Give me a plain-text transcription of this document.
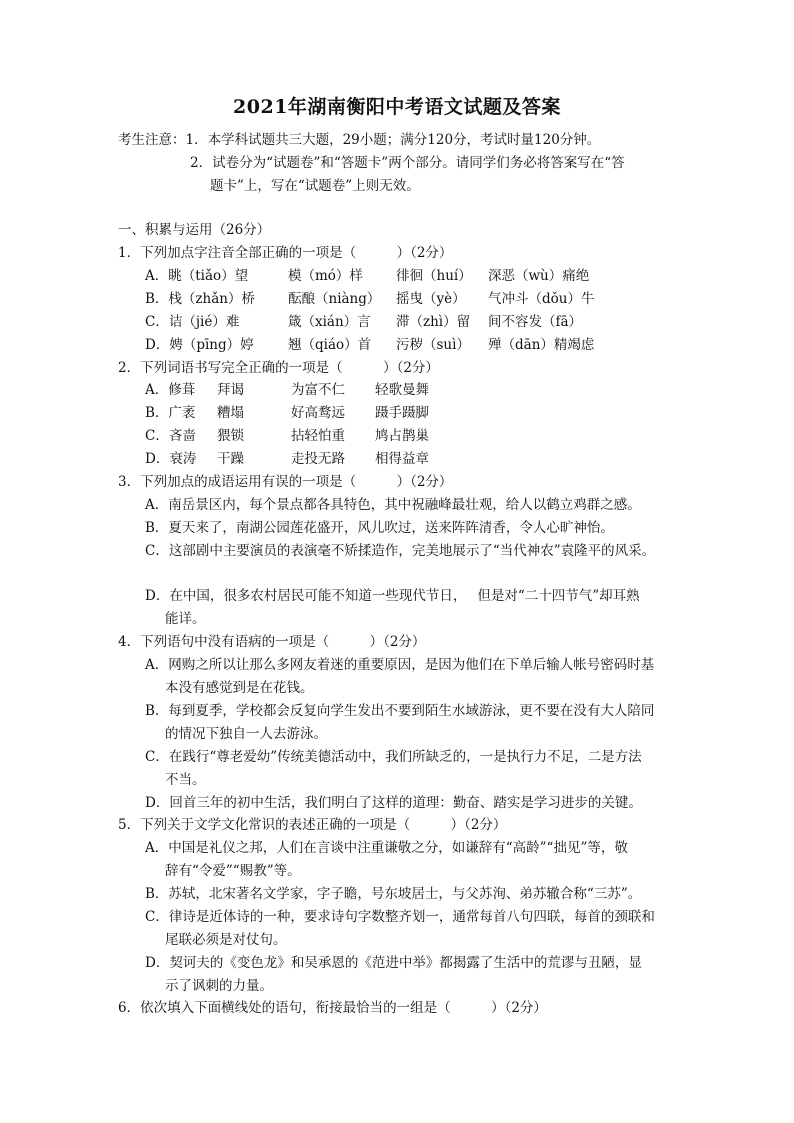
2021年湖南衡阳中考语文试题及答案
考生注意：1．本学科试题共三大题，29小题；满分120分，考试时量120分钟。
2．试卷分为“试题卷”和“答题卡”两个部分。请同学们务必将答案写在“答
题卡”上，写在“试题卷”上则无效。
一、积累与运用（26分）
1．下列加点字注音全部正确的一项是（　　　）（2分）
A．眺（tiǎo）望	模（mó）样	徘徊（huí）	深恶（wù）痛绝
B．栈（zhǎn）桥	酝酿（niàng）	摇曳（yè）	气冲斗（dǒu）牛
C．诘（jié）难	箴（xián）言	滞（zhì）留	间不容发（fā）
D．娉（pīng）婷	翘（qiáo）首	污秽（suì）	殚（dān）精竭虑
2．下列词语书写完全正确的一项是（　　　）（2分）
A．修葺	拜谒	为富不仁	轻歌曼舞
B．广袤	糟塌	好高鹜远	蹑手蹑脚
C．吝啬	猥锁	拈轻怕重	鸠占鹊巢
D．衰涛	干躁	走投无路	相得益章
3．下列加点的成语运用有误的一项是（　　　）（2分）
A．南岳景区内，每个景点都各具特色，其中祝融峰最壮观，给人以鹤立鸡群之感。
B．夏天来了，南湖公园莲花盛开，风儿吹过，送来阵阵清香，令人心旷神怡。
C．这部剧中主要演员的表演毫不矫揉造作，完美地展示了“当代神农”袁隆平的风采。
D．在中国，很多农村居民可能不知道一些现代节日，　 但是对“二十四节气”却耳熟
能详。
4．下列语句中没有语病的一项是（　　　）（2分）
A．网购之所以让那么多网友着迷的重要原因，是因为他们在下单后输人帐号密码时基
本没有感觉到是在花钱。
B．每到夏季，学校都会反复向学生发出不要到陌生水域游泳，更不要在没有大人陪同
的情况下独自一人去游泳。
C．在践行“尊老爱幼”传统美德活动中，我们所缺乏的，一是执行力不足，二是方法
不当。
D．回首三年的初中生活，我们明白了这样的道理：勤奋、踏实是学习进步的关键。
5．下列关于文学文化常识的表述正确的一项是（　　　）（2分）
A．中国是礼仪之邦，人们在言谈中注重谦敬之分，如谦辞有“高龄”“拙见”等，敬
辞有“令爱”“赐教”等。
B．苏轼，北宋著名文学家，字子瞻，号东坡居士，与父苏洵、弟苏辙合称“三苏”。
C．律诗是近体诗的一种，要求诗句字数整齐划一，通常每首八句四联，每首的颈联和
尾联必须是对仗句。
D．契诃夫的《变色龙》和吴承恩的《范进中举》都揭露了生活中的荒谬与丑陋，显
示了讽刺的力量。
6．依次填入下面横线处的语句，衔接最恰当的一组是（　　　）（2分）
